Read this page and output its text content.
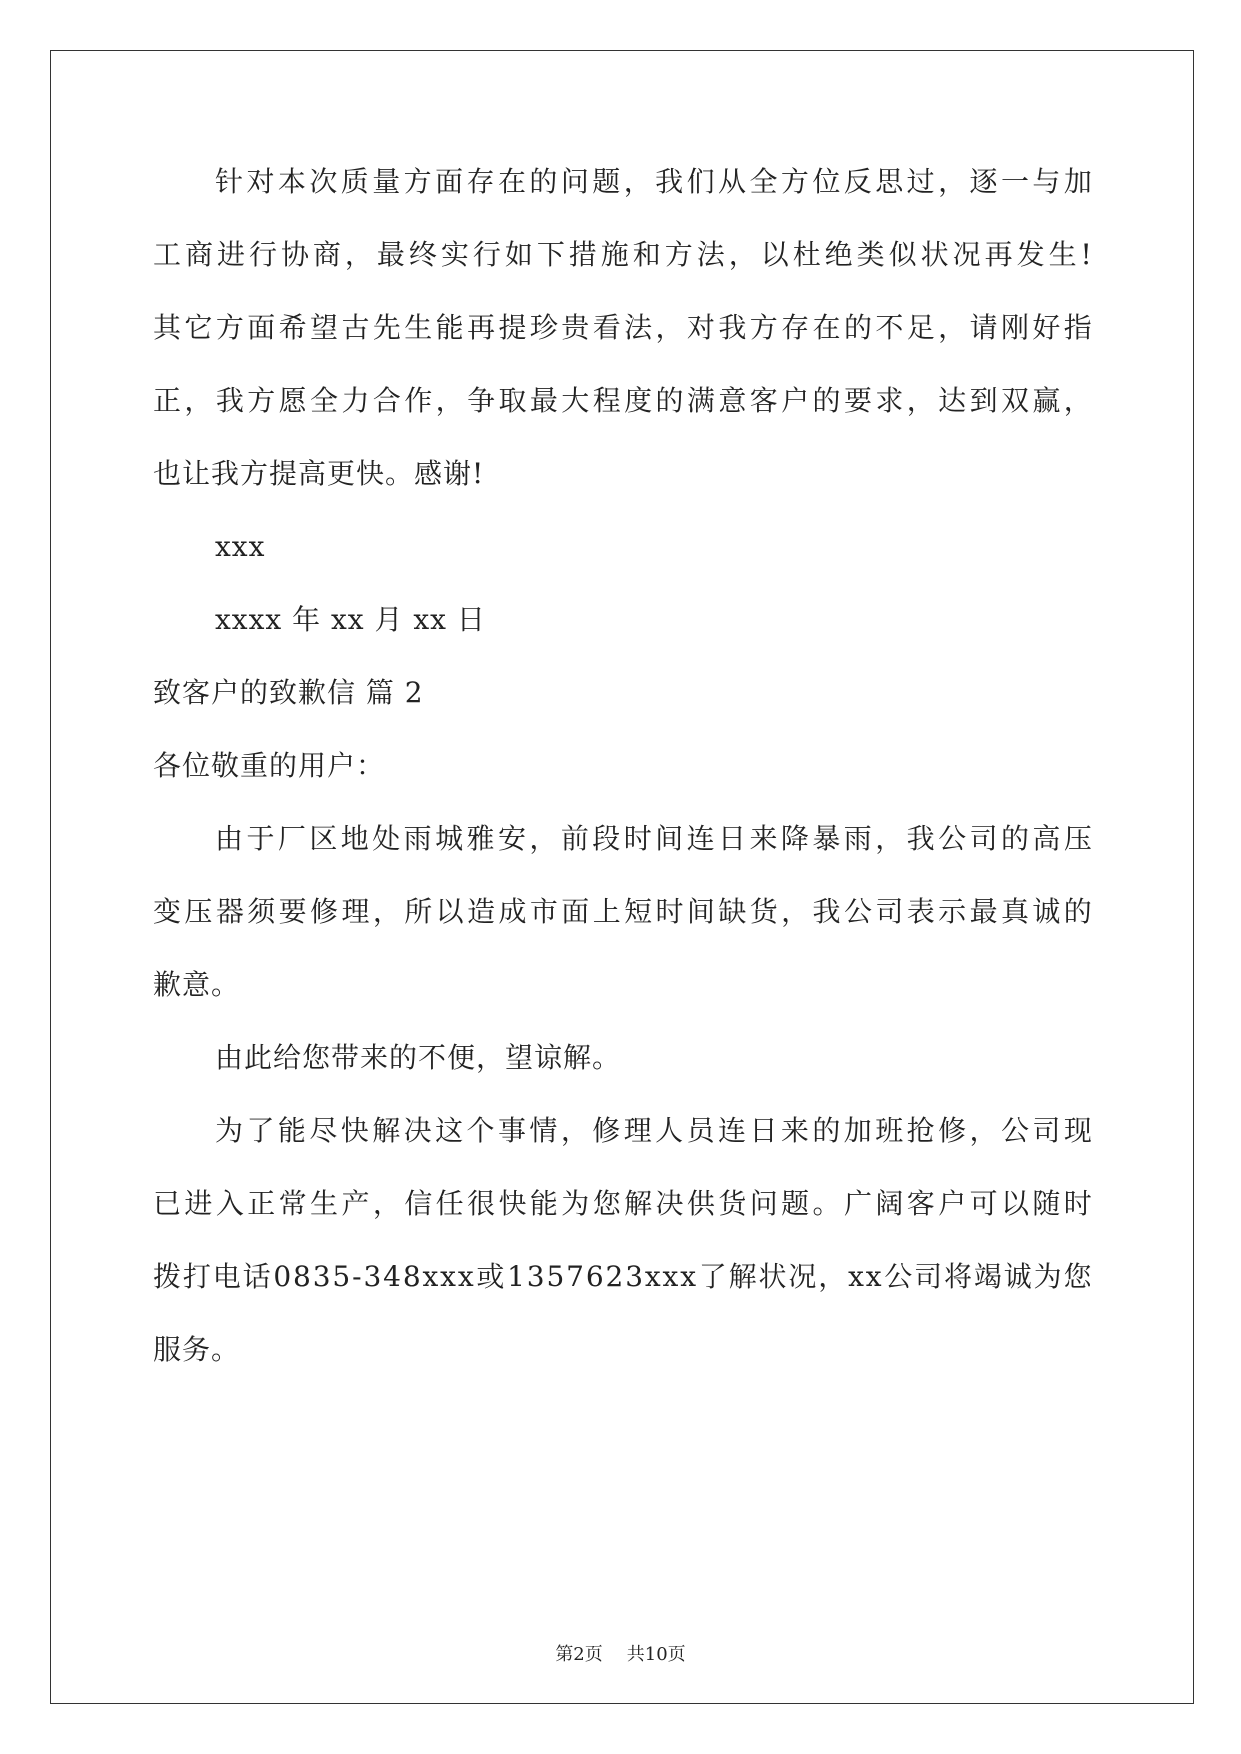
针 对 本 次 质 量 方 面 存 在 的 问 题 ， 我 们 从 全 方 位 反 思 过 ， 逐 一 与 加
工 商 进 行 协 商 ， 最 终 实 行 如 下 措 施 和 方 法 ， 以 杜 绝 类 似 状 况 再 发 生 !
其 它 方 面 希 望 古 先 生 能 再 提 珍 贵 看 法 ， 对 我 方 存 在 的 不 足 ， 请 刚 好 指
正 ， 我 方 愿 全 力 合 作 ， 争 取 最 大 程 度 的 满 意 客 户 的 要 求 ， 达 到 双 赢 ，
也让我方提高更快。感谢!
xxx
xxxx 年 xx 月 xx 日
致客户的致歉信 篇 2
各位敬重的用户：
由 于 厂 区 地 处 雨 城 雅 安 ， 前 段 时 间 连 日 来 降 暴 雨 ， 我 公 司 的 高 压
变 压 器 须 要 修 理 ， 所 以 造 成 市 面 上 短 时 间 缺 货 ， 我 公 司 表 示 最 真 诚 的
歉意。
由此给您带来的不便，望谅解。
为 了 能 尽 快 解 决 这 个 事 情 ， 修 理 人 员 连 日 来 的 加 班 抢 修 ， 公 司 现
已 进 入 正 常 生 产 ， 信 任 很 快 能 为 您 解 决 供 货 问 题 。 广 阔 客 户 可 以 随 时
拨 打 电 话 0 8 3 5 - 3 4 8 x x x 或 1 3 5 7 6 2 3 x x x 了 解 状 况 ， x x 公 司 将 竭 诚 为 您
服务。
第2页 共10页
